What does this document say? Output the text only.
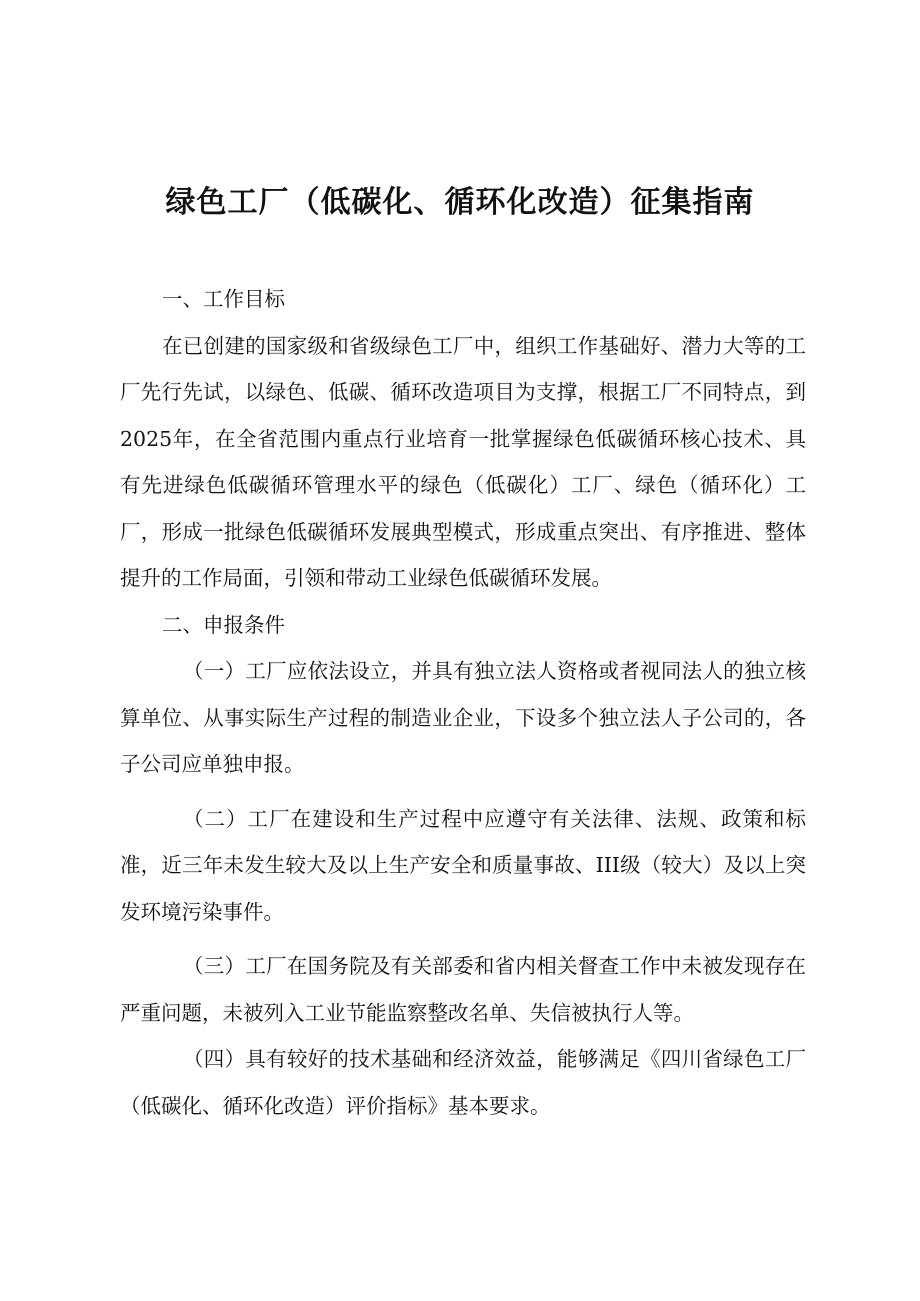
绿色工厂（低碳化、循环化改造）征集指南

一、工作目标

在已创建的国家级和省级绿色工厂中，组织工作基础好、潜力大等的工厂先行先试，以绿色、低碳、循环改造项目为支撑，根据工厂不同特点，到2025年，在全省范围内重点行业培育一批掌握绿色低碳循环核心技术、具有先进绿色低碳循环管理水平的绿色（低碳化）工厂、绿色（循环化）工厂，形成一批绿色低碳循环发展典型模式，形成重点突出、有序推进、整体提升的工作局面，引领和带动工业绿色低碳循环发展。

二、申报条件

（一）工厂应依法设立，并具有独立法人资格或者视同法人的独立核算单位、从事实际生产过程的制造业企业，下设多个独立法人子公司的，各子公司应单独申报。

（二）工厂在建设和生产过程中应遵守有关法律、法规、政策和标准，近三年未发生较大及以上生产安全和质量事故、III级（较大）及以上突发环境污染事件。

（三）工厂在国务院及有关部委和省内相关督查工作中未被发现存在严重问题，未被列入工业节能监察整改名单、失信被执行人等。

（四）具有较好的技术基础和经济效益，能够满足《四川省绿色工厂（低碳化、循环化改造）评价指标》基本要求。
